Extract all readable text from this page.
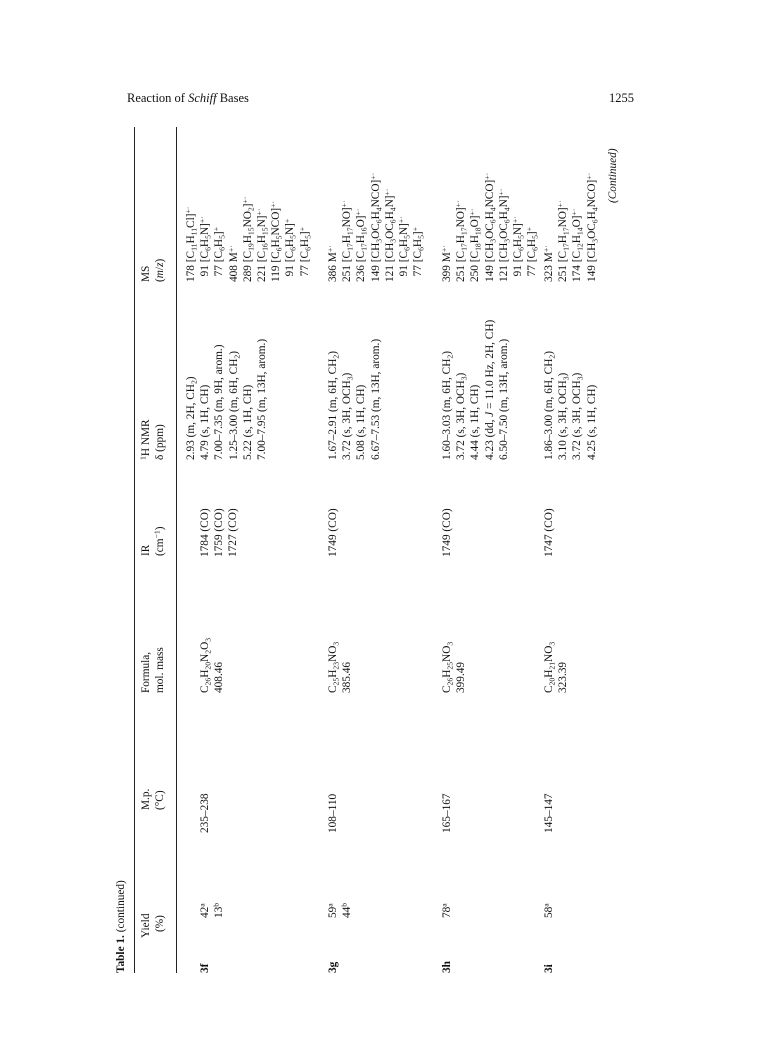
Reaction of Schiff Bases	1255
Table 1. (continued) Yield (%)
M.p. (°C)
Formula, mol. mass
IR $(cm^{-1})$
$^1$H NMR δ (ppm)
MS (m/z)
3f
42$^a$
13$^b$
235–238
$C_{26}H_{20}N_2O_3$
408.46
1784 (CO) 1759 (CO) 1727 (CO)
2.93 (m, 2H, $CH_2$)
4.79 (s, 1H, CH) 7.00–7.35 (m, 9H, arom.) 1.25–3.00 (m, 6H, $CH_2$)
5.22 (s, 1H, CH) 7.00–7.95 (m, 13H, arom.)
178 $[C_{11}H_{11}Cl]^{+\cdot}$
91 $[C_6H_5N]^{+\cdot}$
77 $[C_6H_5]^+$
408 M+·
289 $[C_{19}H_{15}NO_2]^{+\cdot}$
221 $[C_{16}H_{15}N]^{+\cdot}$
119 $[C_6H_5NCO]^{+\cdot}$
91 $[C_6H_5N]^+$
77 $[C_6H_5]^+$
3g
59$^a$
44$^b$
108–110
$C_{25}H_{23}NO_3$
385.46
1749 (CO)
1.67–2.91 (m, 6H, $CH_2$)
3.72 (s, 3H, $OCH_3$)
5.08 (s, 1H, CH) 6.67–7.53 (m, 13H, arom.)
386 M+·
251 $[C_{17}H_{17}NO]^{+\cdot}$
236 $[C_{17}H_{16}O]^{+\cdot}$
149 $[CH_3OC_6H_4NCO]^{+\cdot}$
121 $[CH_3OC_6H_4N]^{+\cdot}$
91 $[C_6H_5N]^{+\cdot}$
77 $[C_6H_5]^+$
3h
78$^a$
165–167
$C_{26}H_{25}NO_3$
399.49
1749 (CO)
1.60–3.03 (m, 6H, $CH_2$)
3.72 (s, 3H, $OCH_3$)
4.44 (s, 1H, CH) 4.23 (dd, J = 11.0 Hz, 2H, CH) 6.50–7.50 (m, 13H, arom.)
399 M+·
251 $[C_{17}H_{17}NO]^{+\cdot}$
250 $[C_{18}H_{18}O]^{+\cdot}$
149 $[CH_3OC_6H_4NCO]^{+\cdot}$
121 $[CH_3OC_6H_4N]^{+\cdot}$
91 $[C_6H_5N]^{+\cdot}$
77 $[C_6H_5]^+$
3i
58$^a$
145–147
$C_{20}H_{21}NO_3$
323.39
1747 (CO)
1.86–3.00 (m, 6H, $CH_2$)
3.10 (s, 3H, $OCH_3$)
3.72 (s, 3H, $OCH_3$)
4.25 (s, 1H, CH)
323 M+·
251 $[C_{17}H_{17}NO]^{+\cdot}$
174 $[C_{12}H_{14}O]^{+\cdot}$
149 $[CH_3OC_6H_4NCO]^{+\cdot}$	(Continued)
